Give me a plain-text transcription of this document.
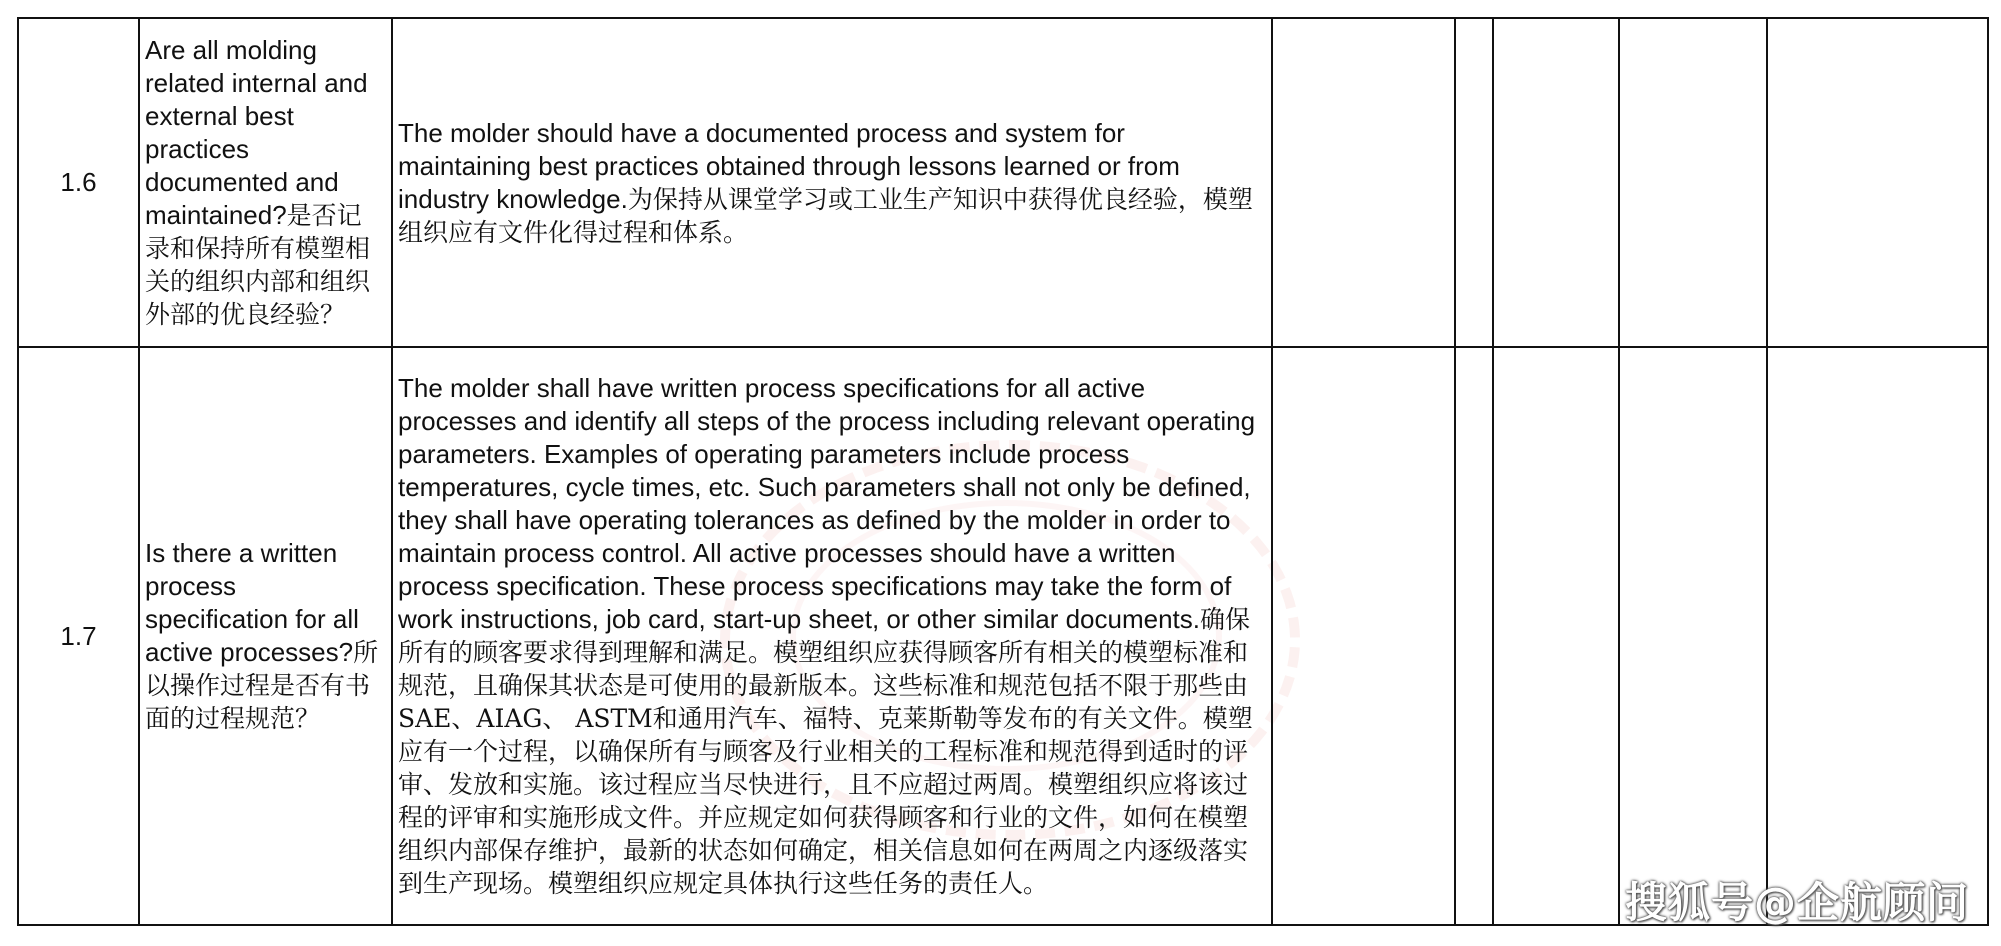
1.6	Are all molding related internal and external best practices documented and maintained?是否记录和保持所有模塑相关的组织内部和组织外部的优良经验？	The molder should have a documented process and system for maintaining best practices obtained through lessons learned or from industry knowledge.为保持从课堂学习或工业生产知识中获得优良经验，模塑组织应有文件化得过程和体系。					
1.7	Is there a written process specification for all active processes?所以操作过程是否有书面的过程规范？	The molder shall have written process specifications for all active processes and identify all steps of the process including relevant operating parameters. Examples of operating parameters include process temperatures, cycle times, etc. Such parameters shall not only be defined, they shall have operating tolerances as defined by the molder in order to maintain process control. All active processes should have a written process specification. These process specifications may take the form of work instructions, job card, start-up sheet, or other similar documents.确保所有的顾客要求得到理解和满足。模塑组织应获得顾客所有相关的模塑标准和规范，且确保其状态是可使用的最新版本。这些标准和规范包括不限于那些由SAE、AIAG、 ASTM和通用汽车、福特、克莱斯勒等发布的有关文件。模塑应有一个过程，以确保所有与顾客及行业相关的工程标准和规范得到适时的评审、发放和实施。该过程应当尽快进行，且不应超过两周。模塑组织应将该过程的评审和实施形成文件。并应规定如何获得顾客和行业的文件，如何在模塑组织内部保存维护，最新的状态如何确定，相关信息如何在两周之内逐级落实到生产现场。模塑组织应规定具体执行这些任务的责任人。						搜狐号@企航顾问
